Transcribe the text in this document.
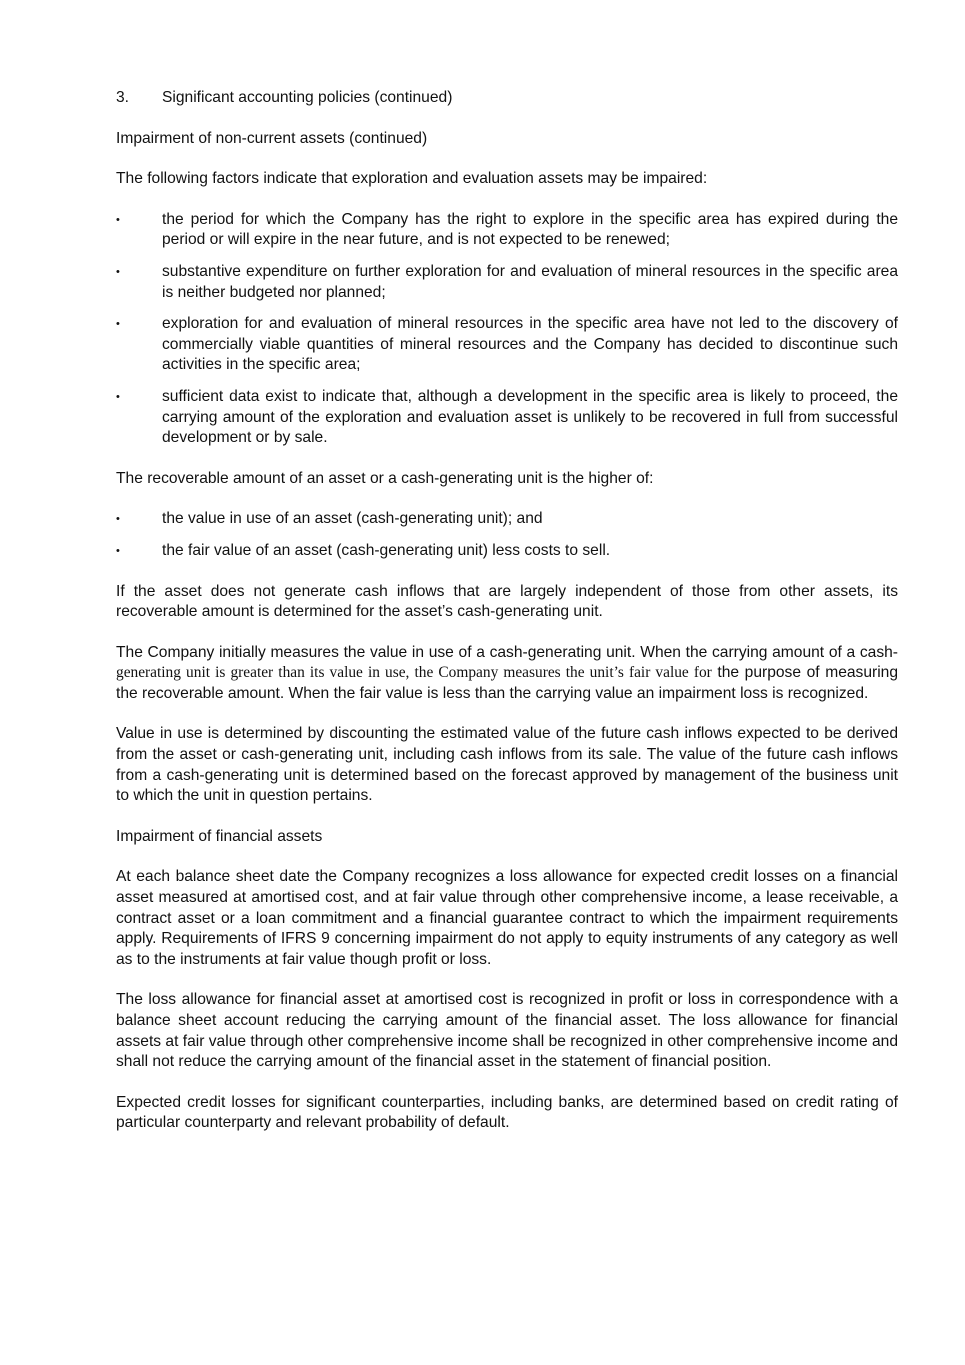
3.	Significant accounting policies (continued)
Impairment of non-current assets (continued)

The following factors indicate that exploration and evaluation assets may be impaired:

•	the period for which the Company has the right to explore in the specific area has expired during the period or will expire in the near future, and is not expected to be renewed;
•	substantive expenditure on further exploration for and evaluation of mineral resources in the specific area is neither budgeted nor planned;
•	exploration for and evaluation of mineral resources in the specific area have not led to the discovery of commercially viable quantities of mineral resources and the Company has decided to discontinue such activities in the specific area;
•	sufficient data exist to indicate that, although a development in the specific area is likely to proceed, the carrying amount of the exploration and evaluation asset is unlikely to be recovered in full from successful development or by sale.

The recoverable amount of an asset or a cash-generating unit is the higher of:

•	the value in use of an asset (cash-generating unit); and
•	the fair value of an asset (cash-generating unit) less costs to sell.

If the asset does not generate cash inflows that are largely independent of those from other assets, its recoverable amount is determined for the asset’s cash-generating unit.

The Company initially measures the value in use of a cash-generating unit. When the carrying amount of a cash-generating unit is greater than its value in use, the Company measures the unit’s fair value for the purpose of measuring the recoverable amount. When the fair value is less than the carrying value an impairment loss is recognized.

Value in use is determined by discounting the estimated value of the future cash inflows expected to be derived from the asset or cash-generating unit, including cash inflows from its sale. The value of the future cash inflows from a cash-generating unit is determined based on the forecast approved by management of the business unit to which the unit in question pertains.

Impairment of financial assets

At each balance sheet date the Company recognizes a loss allowance for expected credit losses on a financial asset measured at amortised cost, and at fair value through other comprehensive income, a lease receivable, a contract asset or a loan commitment and a financial guarantee contract to which the impairment requirements apply. Requirements of IFRS 9 concerning impairment do not apply to equity instruments of any category as well as to the instruments at fair value though profit or loss.

The loss allowance for financial asset at amortised cost is recognized in profit or loss in correspondence with a balance sheet account reducing the carrying amount of the financial asset. The loss allowance for financial assets at fair value through other comprehensive income shall be recognized in other comprehensive income and shall not reduce the carrying amount of the financial asset in the statement of financial position.

Expected credit losses for significant counterparties, including banks, are determined based on credit rating of particular counterparty and relevant probability of default.
